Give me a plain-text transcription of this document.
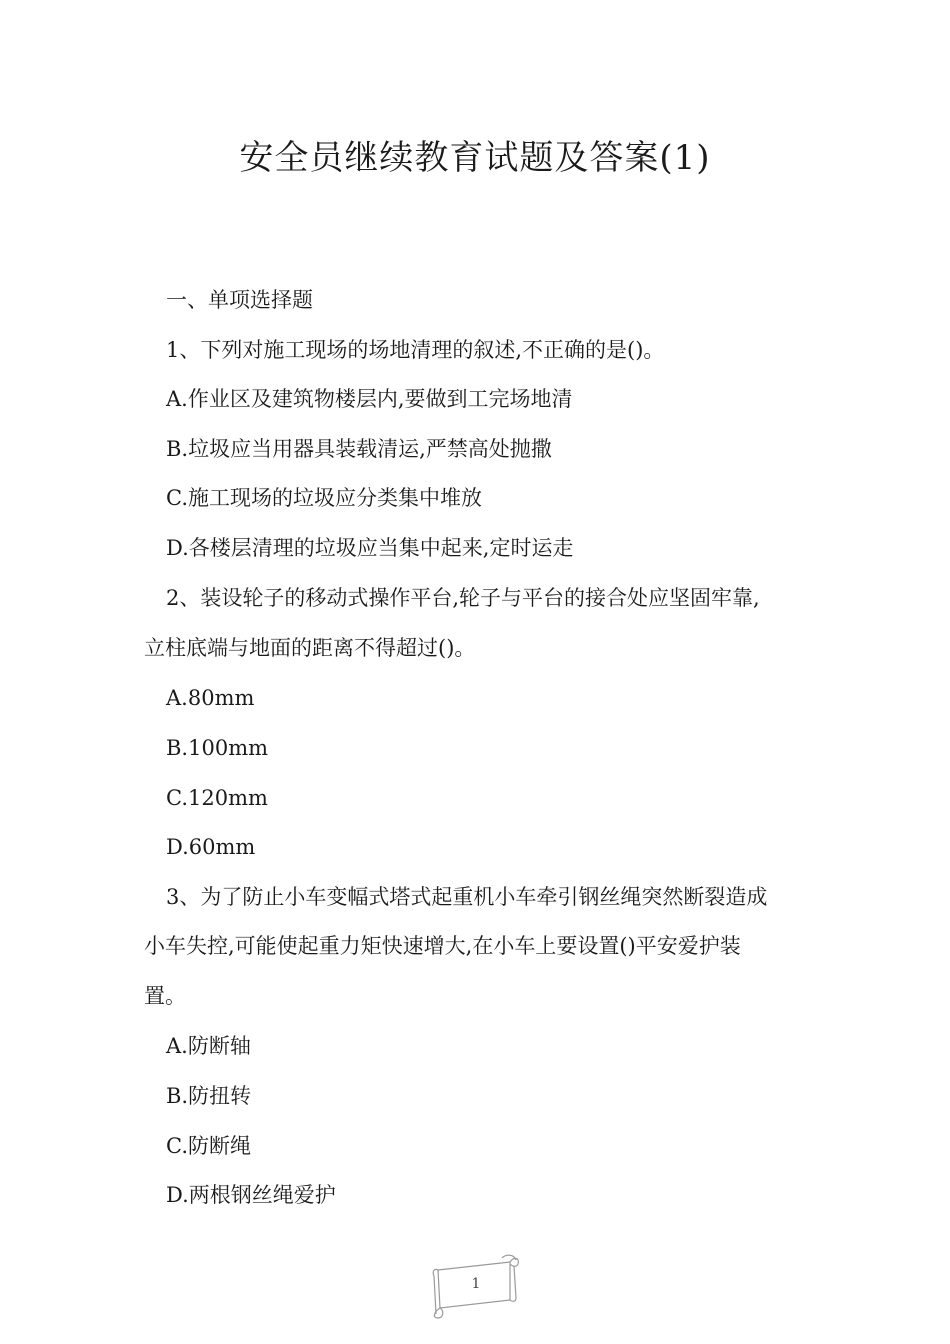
安全员继续教育试题及答案(1)

一、单项选择题

1、下列对施工现场的场地清理的叙述,不正确的是()。

A.作业区及建筑物楼层内,要做到工完场地清

B.垃圾应当用器具装载清运,严禁高处抛撒

C.施工现场的垃圾应分类集中堆放

D.各楼层清理的垃圾应当集中起来,定时运走

2、装设轮子的移动式操作平台,轮子与平台的接合处应坚固牢靠,

立柱底端与地面的距离不得超过()。

A.80mm

B.100mm

C.120mm

D.60mm

3、为了防止小车变幅式塔式起重机小车牵引钢丝绳突然断裂造成

小车失控,可能使起重力矩快速增大,在小车上要设置()平安爱护装

置。

A.防断轴

B.防扭转

C.防断绳

D.两根钢丝绳爱护

1
